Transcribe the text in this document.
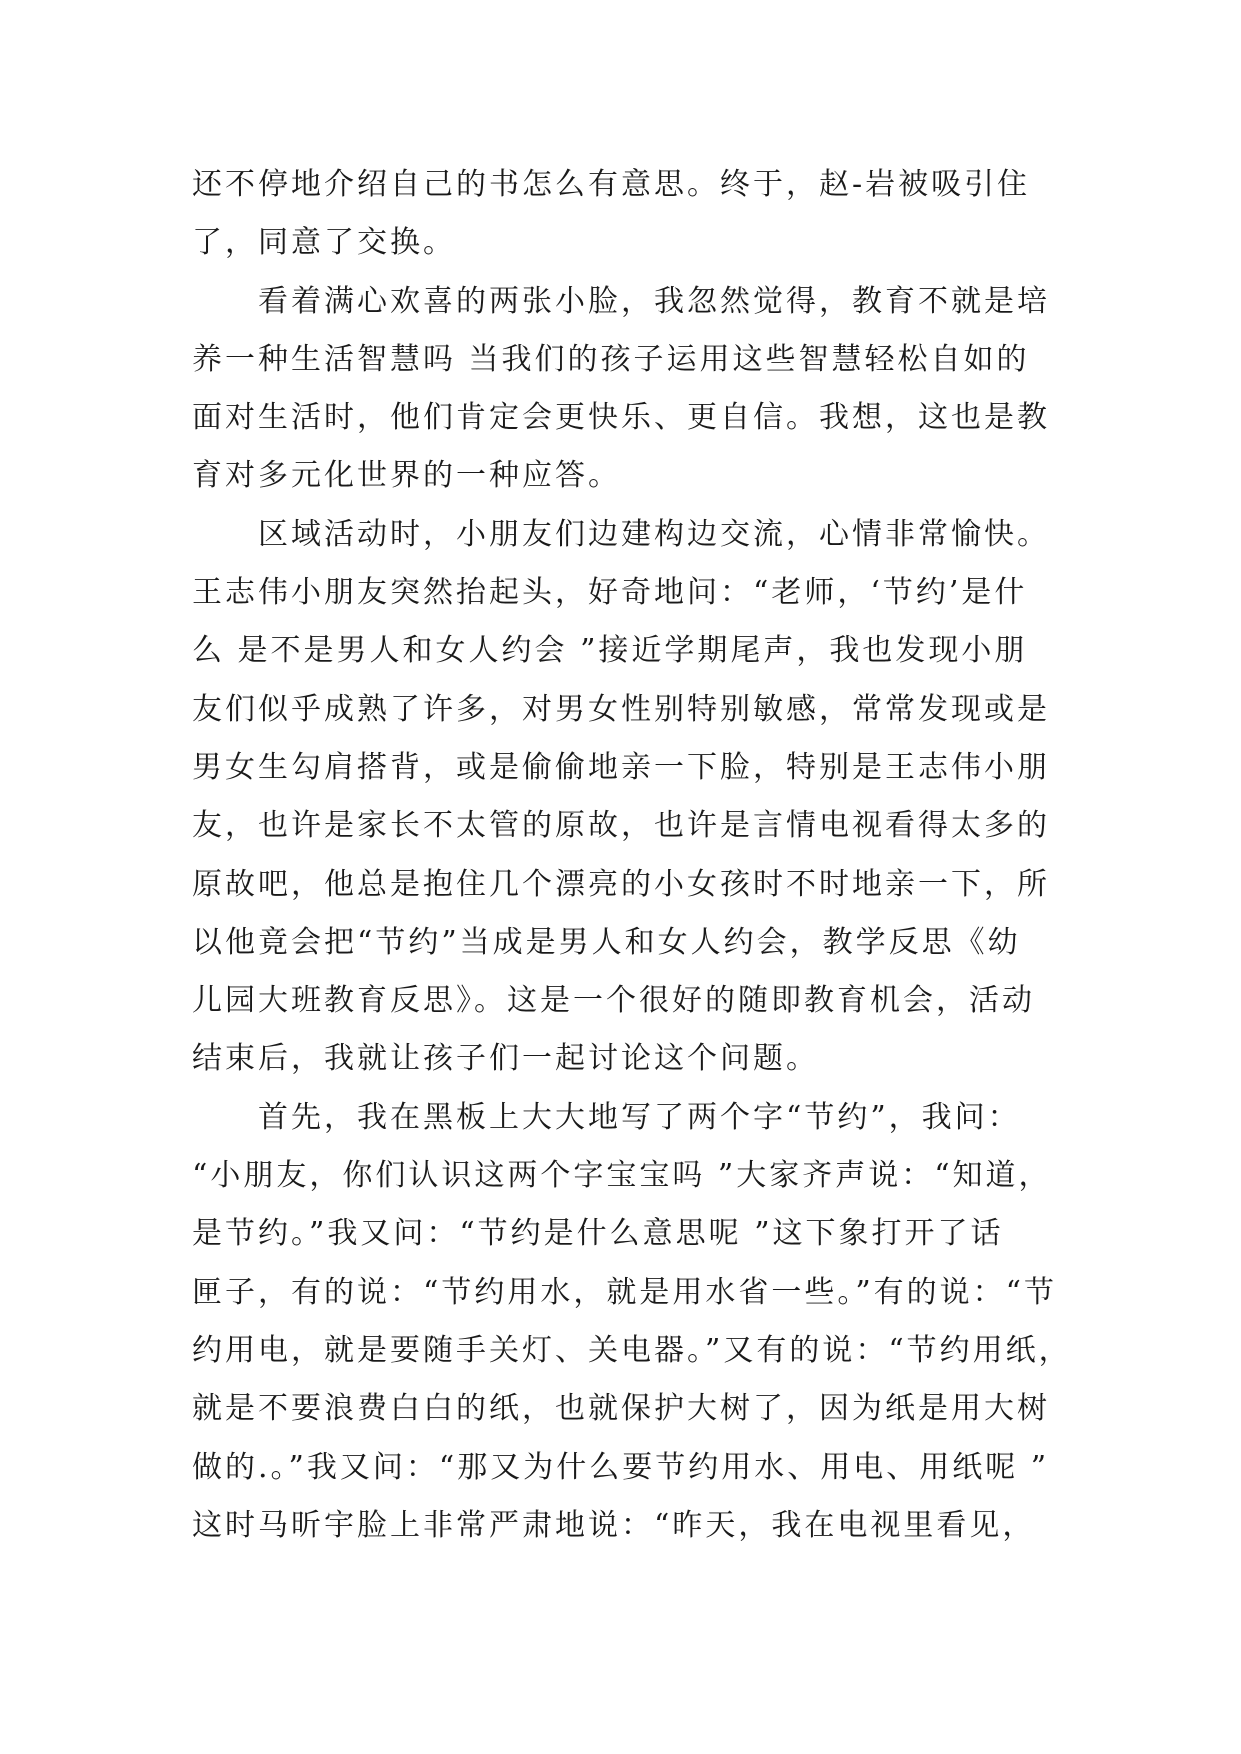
还不停地介绍自己的书怎么有意思。终于，赵-岩被吸引住
了，同意了交换。
看着满心欢喜的两张小脸，我忽然觉得，教育不就是培
养一种生活智慧吗 当我们的孩子运用这些智慧轻松自如的
面对生活时，他们肯定会更快乐、更自信。我想，这也是教
育对多元化世界的一种应答。
区域活动时，小朋友们边建构边交流，心情非常愉快。
王志伟小朋友突然抬起头，好奇地问：“老师，‘节约’是什
么 是不是男人和女人约会 ”接近学期尾声，我也发现小朋
友们似乎成熟了许多，对男女性别特别敏感，常常发现或是
男女生勾肩搭背，或是偷偷地亲一下脸，特别是王志伟小朋
友，也许是家长不太管的原故，也许是言情电视看得太多的
原故吧，他总是抱住几个漂亮的小女孩时不时地亲一下，所
以他竟会把“节约”当成是男人和女人约会，教学反思《幼
儿园大班教育反思》。这是一个很好的随即教育机会，活动
结束后，我就让孩子们一起讨论这个问题。
首先，我在黑板上大大地写了两个字“节约”，我问：
“小朋友，你们认识这两个字宝宝吗 ”大家齐声说：“知道，
是节约。”我又问：“节约是什么意思呢 ”这下象打开了话
匣子，有的说：“节约用水，就是用水省一些。”有的说：“节
约用电，就是要随手关灯、关电器。”又有的说：“节约用纸，
就是不要浪费白白的纸，也就保护大树了，因为纸是用大树
做的.。”我又问：“那又为什么要节约用水、用电、用纸呢 ”
这时马昕宇脸上非常严肃地说：“昨天，我在电视里看见，
